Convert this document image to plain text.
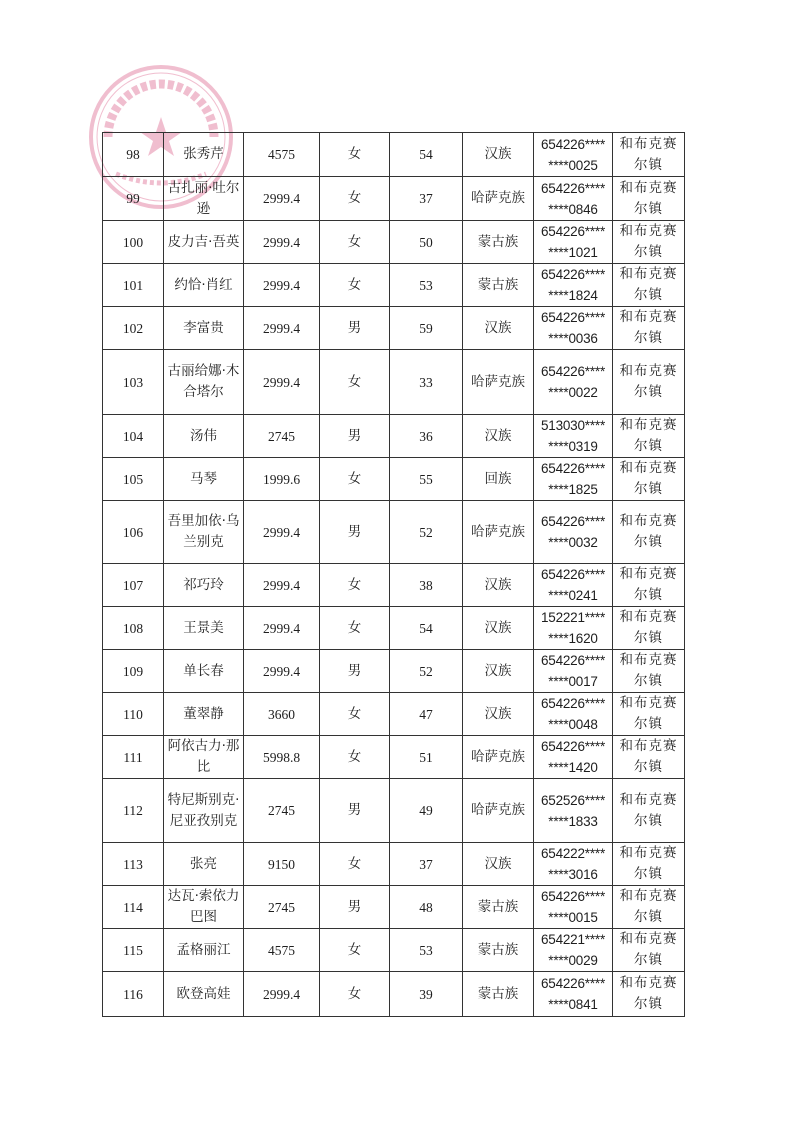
98	张秀芹	4575	女	54	汉族	654226****
****0025	和布克赛尔镇
99	古扎丽·吐尔逊	2999.4	女	37	哈萨克族	654226****
****0846	和布克赛尔镇
100	皮力吉·吾英	2999.4	女	50	蒙古族	654226****
****1021	和布克赛尔镇
101	约恰·肖红	2999.4	女	53	蒙古族	654226****
****1824	和布克赛尔镇
102	李富贵	2999.4	男	59	汉族	654226****
****0036	和布克赛尔镇
103	古丽给娜·木合塔尔	2999.4	女	33	哈萨克族	654226****
****0022	和布克赛尔镇
104	汤伟	2745	男	36	汉族	513030****
****0319	和布克赛尔镇
105	马琴	1999.6	女	55	回族	654226****
****1825	和布克赛尔镇
106	吾里加依·乌兰别克	2999.4	男	52	哈萨克族	654226****
****0032	和布克赛尔镇
107	祁巧玲	2999.4	女	38	汉族	654226****
****0241	和布克赛尔镇
108	王景美	2999.4	女	54	汉族	152221****
****1620	和布克赛尔镇
109	单长春	2999.4	男	52	汉族	654226****
****0017	和布克赛尔镇
110	董翠静	3660	女	47	汉族	654226****
****0048	和布克赛尔镇
111	阿依古力·那比	5998.8	女	51	哈萨克族	654226****
****1420	和布克赛尔镇
112	特尼斯别克·尼亚孜别克	2745	男	49	哈萨克族	652526****
****1833	和布克赛尔镇
113	张亮	9150	女	37	汉族	654222****
****3016	和布克赛尔镇
114	达瓦·索依力巴图	2745	男	48	蒙古族	654226****
****0015	和布克赛尔镇
115	孟格丽江	4575	女	53	蒙古族	654221****
****0029	和布克赛尔镇
116	欧登高娃	2999.4	女	39	蒙古族	654226****
****0841	和布克赛尔镇
